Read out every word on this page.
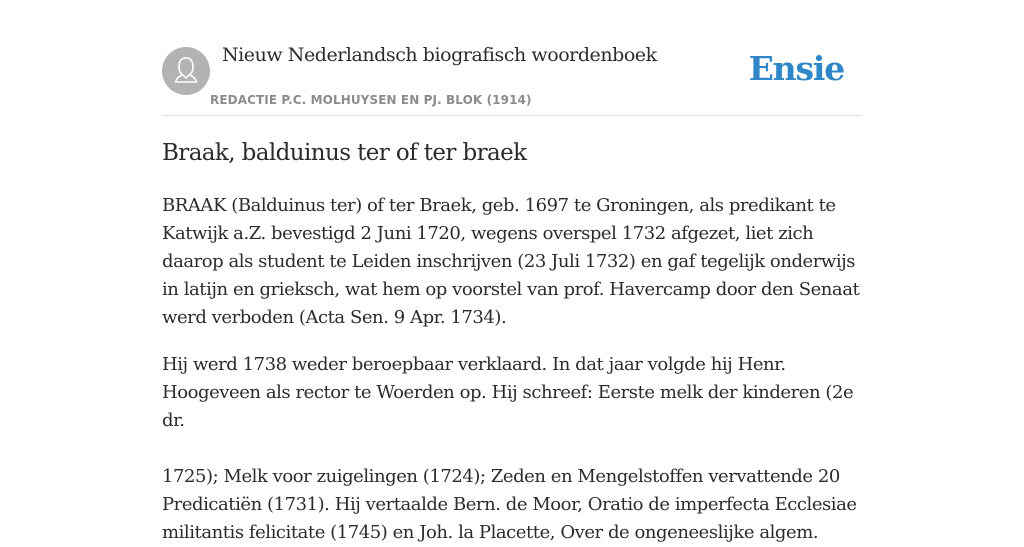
Nieuw Nederlandsch biografisch woordenboek
REDACTIE P.C. MOLHUYSEN EN PJ. BLOK (1914)
Ensie
Braak, balduinus ter of ter braek

BRAAK (Balduinus ter) of ter Braek, geb. 1697 te Groningen, als predikant te Katwijk a.Z. bevestigd 2 Juni 1720, wegens overspel 1732 afgezet, liet zich daarop als student te Leiden inschrijven (23 Juli 1732) en gaf tegelijk onderwijs in latijn en grieksch, wat hem op voorstel van prof. Havercamp door den Senaat werd verboden (Acta Sen. 9 Apr. 1734).

Hij werd 1738 weder beroepbaar verklaard. In dat jaar volgde hij Henr. Hoogeveen als rector te Woerden op. Hij schreef: Eerste melk der kinderen (2e dr.

1725); Melk voor zuigelingen (1724); Zeden en Mengelstoffen vervattende 20 Predicatiën (1731). Hij vertaalde Bern. de Moor, Oratio de imperfecta Ecclesiae militantis felicitate (1745) en Joh. la Placette, Over de ongeneeslijke algem.
